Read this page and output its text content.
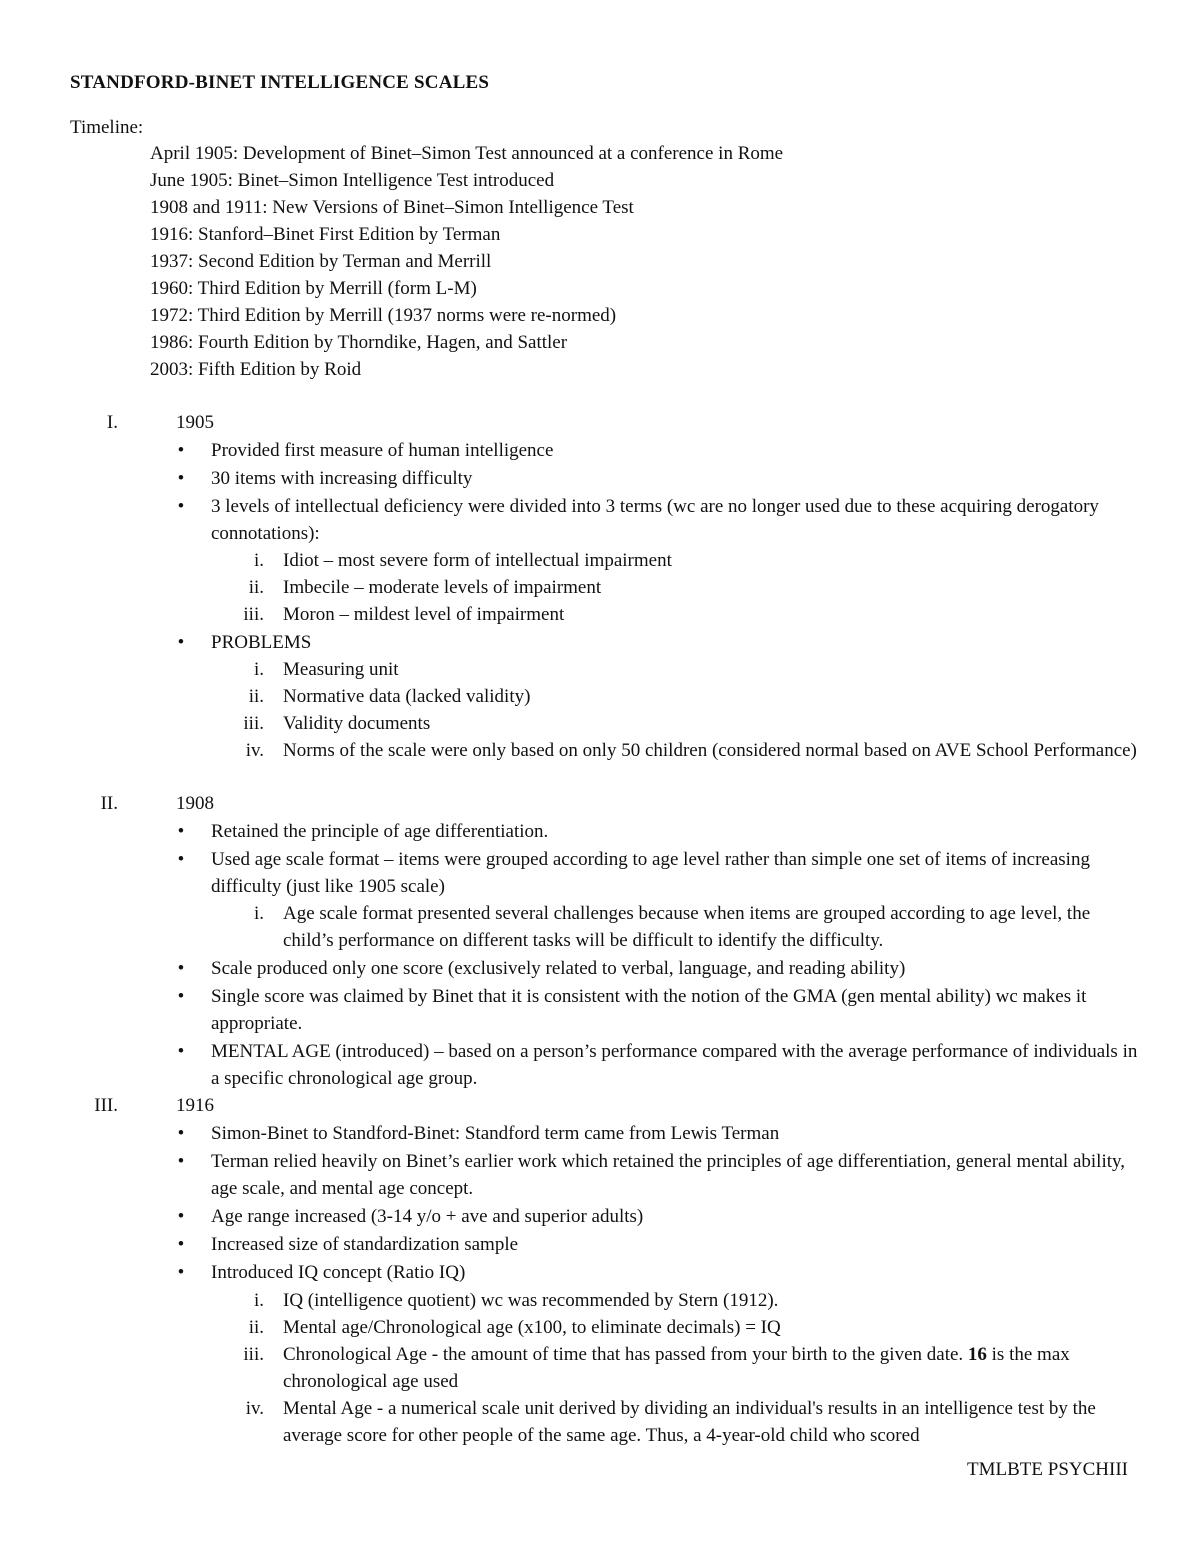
STANDFORD-BINET INTELLIGENCE SCALES
Timeline:
April 1905: Development of Binet–Simon Test announced at a conference in Rome
June 1905: Binet–Simon Intelligence Test introduced
1908 and 1911: New Versions of Binet–Simon Intelligence Test
1916: Stanford–Binet First Edition by Terman
1937: Second Edition by Terman and Merrill
1960: Third Edition by Merrill (form L-M)
1972: Third Edition by Merrill (1937 norms were re-normed)
1986: Fourth Edition by Thorndike, Hagen, and Sattler
2003: Fifth Edition by Roid
I.	1905
• Provided first measure of human intelligence
• 30 items with increasing difficulty
• 3 levels of intellectual deficiency were divided into 3 terms (wc are no longer used due to these acquiring derogatory connotations):
i. Idiot – most severe form of intellectual impairment
ii. Imbecile – moderate levels of impairment
iii. Moron – mildest level of impairment
• PROBLEMS
i. Measuring unit
ii. Normative data (lacked validity)
iii. Validity documents
iv. Norms of the scale were only based on only 50 children (considered normal based on AVE School Performance)
II.	1908
• Retained the principle of age differentiation.
• Used age scale format – items were grouped according to age level rather than simple one set of items of increasing difficulty (just like 1905 scale)
i. Age scale format presented several challenges because when items are grouped according to age level, the child’s performance on different tasks will be difficult to identify the difficulty.
• Scale produced only one score (exclusively related to verbal, language, and reading ability)
• Single score was claimed by Binet that it is consistent with the notion of the GMA (gen mental ability) wc makes it appropriate.
• MENTAL AGE (introduced) – based on a person’s performance compared with the average performance of individuals in a specific chronological age group.
III.	1916
• Simon-Binet to Standford-Binet: Standford term came from Lewis Terman
• Terman relied heavily on Binet’s earlier work which retained the principles of age differentiation, general mental ability, age scale, and mental age concept.
• Age range increased (3-14 y/o + ave and superior adults)
• Increased size of standardization sample
• Introduced IQ concept (Ratio IQ)
i. IQ (intelligence quotient) wc was recommended by Stern (1912).
ii. Mental age/Chronological age (x100, to eliminate decimals) = IQ
iii. Chronological Age - the amount of time that has passed from your birth to the given date. 16 is the max chronological age used
iv. Mental Age - a numerical scale unit derived by dividing an individual's results in an intelligence test by the average score for other people of the same age. Thus, a 4-year-old child who scored
TMLBTE PSYCHIII
